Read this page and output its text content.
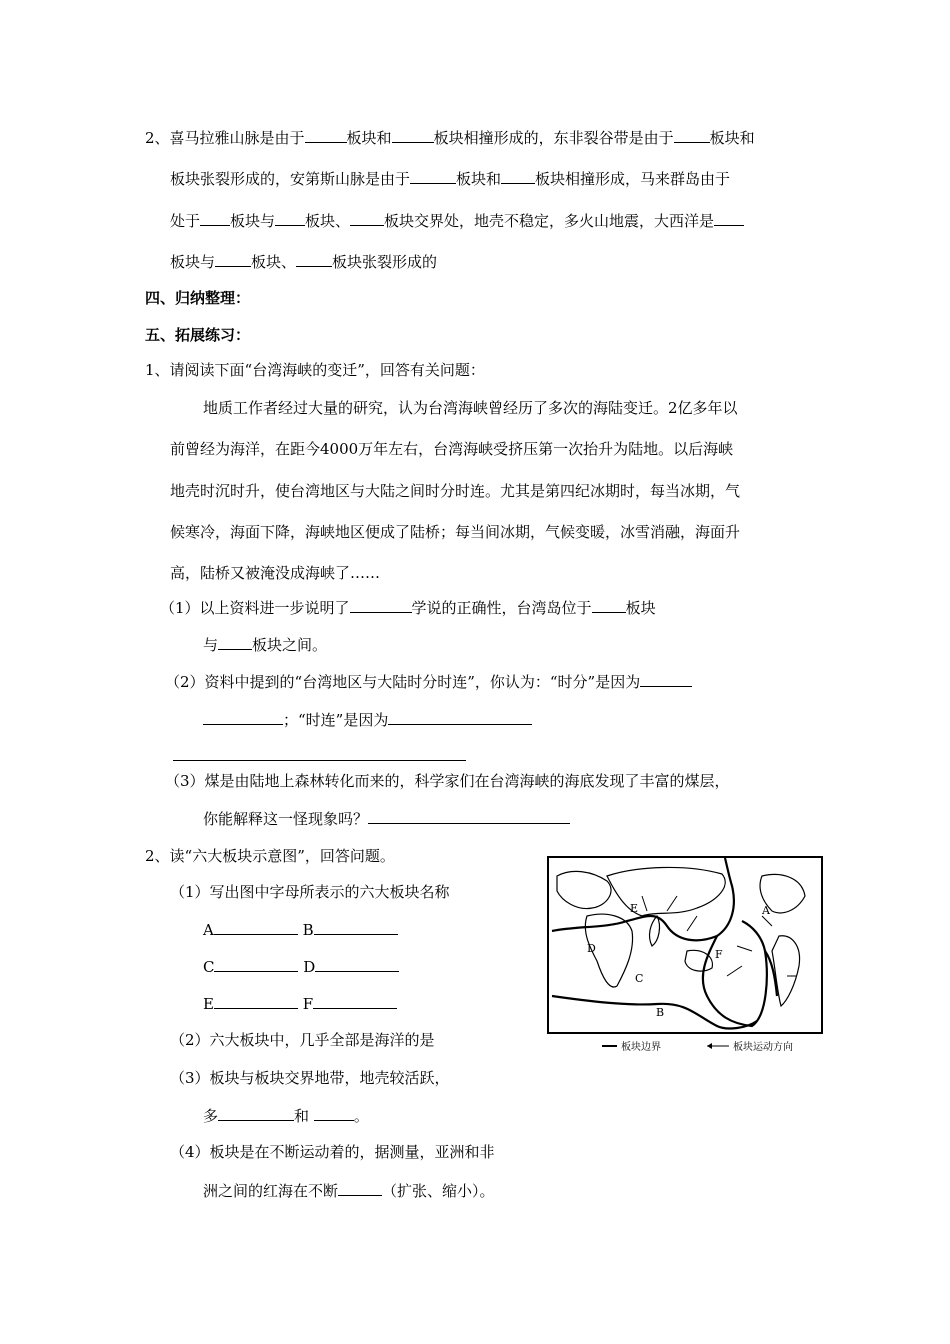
2、喜马拉雅山脉是由于	板块和	板块相撞形成的，东非裂谷带是由于 板块和
板块张裂形成的，安第斯山脉是由于	板块和 板块相撞形成，马来群岛由于
处于 板块与 板块、 板块交界处，地壳不稳定，多火山地震，大西洋是
板块与 板块、 板块张裂形成的
四、归纳整理：
五、拓展练习：
1、请阅读下面“台湾海峡的变迁”，回答有关问题：
地质工作者经过大量的研究，认为台湾海峡曾经历了多次的海陆变迁。2亿多年以
前曾经为海洋，在距今4000万年左右，台湾海峡受挤压第一次抬升为陆地。以后海峡
地壳时沉时升，使台湾地区与大陆之间时分时连。尤其是第四纪冰期时，每当冰期，气
候寒冷，海面下降，海峡地区便成了陆桥；每当间冰期，气候变暖，冰雪消融，海面升
高，陆桥又被淹没成海峡了……
（1）以上资料进一步说明了	学说的正确性，台湾岛位于 板块
与 板块之间。
（2）资料中提到的“台湾地区与大陆时分时连”，你认为：“时分”是因为
；“时连”是因为
（3）煤是由陆地上森林转化而来的，科学家们在台湾海峡的海底发现了丰富的煤层，
你能解释这一怪现象吗？
2、读“六大板块示意图”，回答问题。
（1）写出图中字母所表示的六大板块名称
A	B
C	D
E	F
（2）六大板块中，几乎全部是海洋的是
（3）板块与板块交界地带，地壳较活跃，
多	和	。
（4）板块是在不断运动着的，据测量，亚洲和非
洲之间的红海在不断	（扩张、缩小）。
A
B
C
D
E
F
板块边界	板块运动方向
